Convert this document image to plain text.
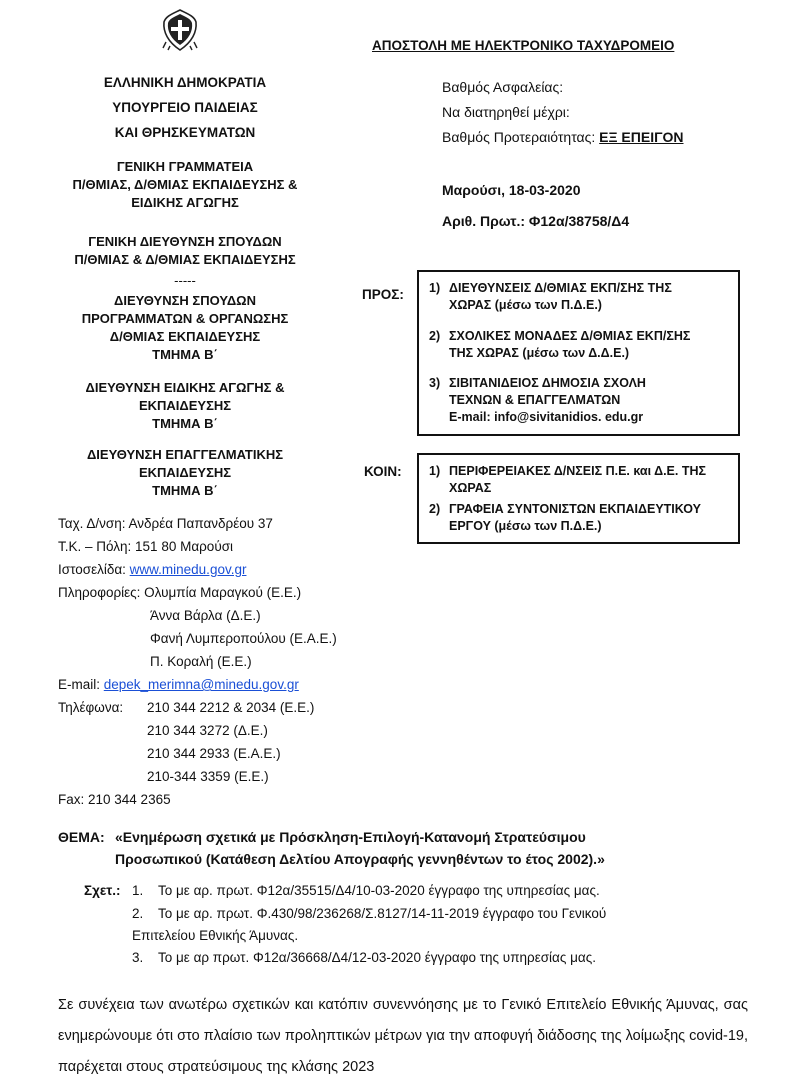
ΑΠΟΣΤΟΛΗ ΜΕ ΗΛΕΚΤΡΟΝΙΚΟ ΤΑΧΥΔΡΟΜΕΙΟ
Βαθμός Ασφαλείας:
Να διατηρηθεί μέχρι:
Βαθμός Προτεραιότητας: ΕΞ ΕΠΕΙΓΟΝ
Μαρούσι, 18-03-2020
Αριθ. Πρωτ.: Φ12α/38758/Δ4
ΕΛΛΗΝΙΚΗ ΔΗΜΟΚΡΑΤΙΑ
ΥΠΟΥΡΓΕΙΟ ΠΑΙΔΕΙΑΣ
ΚΑΙ ΘΡΗΣΚΕΥΜΑΤΩΝ
ΓΕΝΙΚΗ ΓΡΑΜΜΑΤΕΙΑ
Π/ΘΜΙΑΣ, Δ/ΘΜΙΑΣ ΕΚΠΑΙΔΕΥΣΗΣ &
ΕΙΔΙΚΗΣ ΑΓΩΓΗΣ
ΓΕΝΙΚΗ ΔΙΕΥΘΥΝΣΗ ΣΠΟΥΔΩΝ
Π/ΘΜΙΑΣ & Δ/ΘΜΙΑΣ ΕΚΠΑΙΔΕΥΣΗΣ
-----
ΔΙΕΥΘΥΝΣΗ ΣΠΟΥΔΩΝ
ΠΡΟΓΡΑΜΜΑΤΩΝ & ΟΡΓΑΝΩΣΗΣ
Δ/ΘΜΙΑΣ ΕΚΠΑΙΔΕΥΣΗΣ
ΤΜΗΜΑ Β΄
ΔΙΕΥΘΥΝΣΗ ΕΙΔΙΚΗΣ ΑΓΩΓΗΣ &
ΕΚΠΑΙΔΕΥΣΗΣ
ΤΜΗΜΑ Β΄
ΔΙΕΥΘΥΝΣΗ ΕΠΑΓΓΕΛΜΑΤΙΚΗΣ
ΕΚΠΑΙΔΕΥΣΗΣ
ΤΜΗΜΑ Β΄
ΠΡΟΣ: 1) ΔΙΕΥΘΥΝΣΕΙΣ Δ/ΘΜΙΑΣ ΕΚΠ/ΣΗΣ ΤΗΣ
ΧΩΡΑΣ (μέσω των Π.Δ.Ε.)
2) ΣΧΟΛΙΚΕΣ ΜΟΝΑΔΕΣ Δ/ΘΜΙΑΣ ΕΚΠ/ΣΗΣ
ΤΗΣ ΧΩΡΑΣ (μέσω των Δ.Δ.Ε.)
3) ΣΙΒΙΤΑΝΙΔΕΙΟΣ ΔΗΜΟΣΙΑ ΣΧΟΛΗ
ΤΕΧΝΩΝ & ΕΠΑΓΓΕΛΜΑΤΩΝ
E-mail: info@sivitanidios. edu.gr
ΚΟΙΝ: 1) ΠΕΡΙΦΕΡΕΙΑΚΕΣ Δ/ΝΣΕΙΣ Π.Ε. και Δ.Ε. ΤΗΣ
ΧΩΡΑΣ
2) ΓΡΑΦΕΙΑ ΣΥΝΤΟΝΙΣΤΩΝ ΕΚΠΑΙΔΕΥΤΙΚΟΥ
ΕΡΓΟΥ (μέσω των Π.Δ.Ε.)
Ταχ. Δ/νση: Ανδρέα Παπανδρέου 37
Τ.Κ. – Πόλη: 151 80 Μαρούσι
Ιστοσελίδα: www.minedu.gov.gr
Πληροφορίες: Ολυμπία Μαραγκού (Ε.Ε.)
Άννα Βάρλα (Δ.Ε.)
Φανή Λυμπεροπούλου (Ε.Α.Ε.)
Π. Κοραλή (Ε.Ε.)
E-mail: depek_merimna@minedu.gov.gr
Τηλέφωνα: 210 344 2212 & 2034 (Ε.Ε.)
210 344 3272 (Δ.Ε.)
210 344 2933 (Ε.Α.Ε.)
210-344 3359 (Ε.Ε.)
Fax: 210 344 2365
ΘΕΜΑ: «Ενημέρωση σχετικά με Πρόσκληση-Επιλογή-Κατανομή Στρατεύσιμου
Προσωπικού (Κατάθεση Δελτίου Απογραφής γεννηθέντων το έτος 2002).»
Σχετ.: 1. Το με αρ. πρωτ. Φ12α/35515/Δ4/10-03-2020 έγγραφο της υπηρεσίας μας.
2. Το με αρ. πρωτ. Φ.430/98/236268/Σ.8127/14-11-2019 έγγραφο του Γενικού
Επιτελείου Εθνικής Άμυνας.
3. Το με αρ πρωτ. Φ12α/36668/Δ4/12-03-2020 έγγραφο της υπηρεσίας μας.
Σε συνέχεια των ανωτέρω σχετικών και κατόπιν συνεννόησης με το Γενικό Επιτελείο Εθνικής Άμυνας, σας ενημερώνουμε ότι στο πλαίσιο των προληπτικών μέτρων για την αποφυγή διάδοσης της λοίμωξης covid-19, παρέχεται στους στρατεύσιμους της κλάσης 2023
